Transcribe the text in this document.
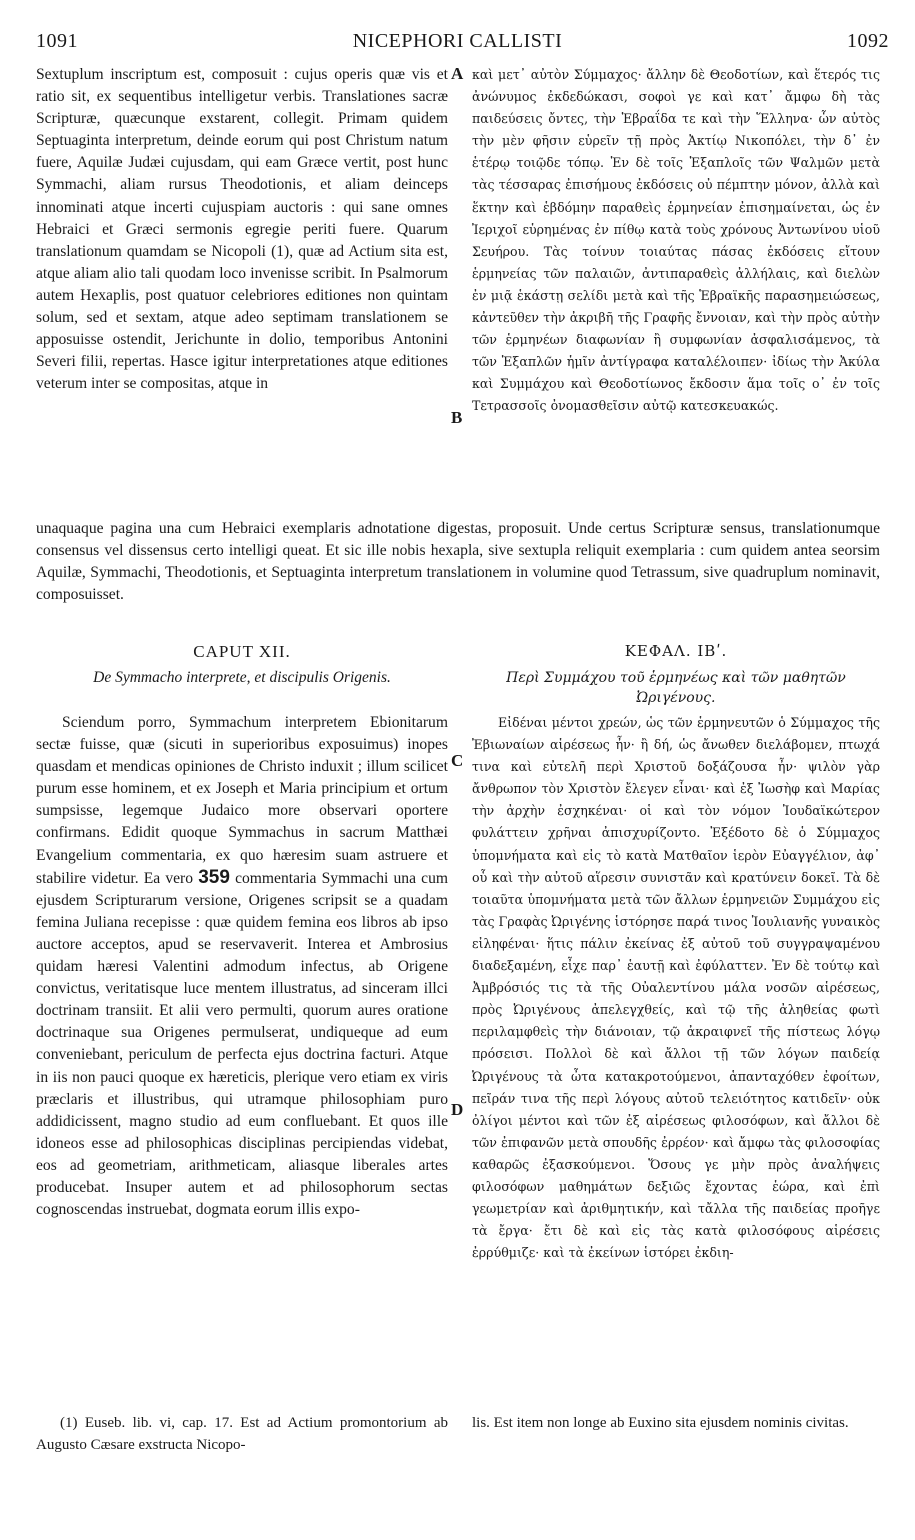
NICEPHORI CALLISTI
1091	1092
Sextuplum inscriptum est, composuit : cujus operis quæ vis et ratio sit, ex sequentibus intelligetur verbis. Translationes sacræ Scripturæ, quæcunque exstarent, collegit. Primam quidem Septuaginta interpretum, deinde eorum qui post Christum natum fuere, Aquilæ Judæi cujusdam, qui eam Græce vertit, post hunc Symmachi, aliam rursus Theodotionis, et aliam deinceps innominati atque incerti cujuspiam auctoris : qui sane omnes Hebraici et Græci sermonis egregie periti fuere. Quarum translationum quamdam se Nicopoli (1), quæ ad Actium sita est, atque aliam alio tali quodam loco invenisse scribit. In Psalmorum autem Hexaplis, post quatuor celebriores editiones non quintam solum, sed et sextam, atque adeo septimam translationem se apposuisse ostendit, Jerichunte in dolio, temporibus Antonini Severi filii, repertas. Hasce igitur interpretationes atque editiones veterum inter se compositas, atque in
καὶ μετ᾿ αὐτὸν Σύμμαχος· ἄλλην δὲ Θεοδοτίων, καὶ ἕτερός τις ἀνώνυμος ἐκδεδώκασι, σοφοὶ γε καὶ κατ᾿ ἄμφω δὴ τὰς παιδεύσεις ὄντες, τὴν Ἑβραΐδα τε καὶ τὴν Ἕλληνα· ὧν αὐτὸς τὴν μὲν φῆσιν εὑρεῖν τῇ πρὸς Ἀκτίῳ Νικοπόλει, τὴν δ᾿ ἐν ἑτέρῳ τοιῷδε τόπῳ. Ἐν δὲ τοῖς Ἑξαπλοῖς τῶν Ψαλμῶν μετὰ τὰς τέσσαρας ἐπισήμους ἐκδόσεις οὐ πέμπτην μόνον, ἀλλὰ καὶ ἕκτην καὶ ἑβδόμην παραθεὶς ἑρμηνείαν ἐπισημαίνεται, ὡς ἐν Ἰεριχοῖ εὑρημένας ἐν πίθῳ κατὰ τοὺς χρόνους Ἀντωνίνου υἱοῦ Σευήρου. Τὰς τοίνυν τοιαύτας πάσας ἐκδόσεις εἴτουν ἑρμηνείας τῶν παλαιῶν, ἀντιπαραθεὶς ἀλλήλαις, καὶ διελὼν ἐν μιᾷ ἑκάστῃ σελίδι μετὰ καὶ τῆς Ἑβραϊκῆς παρασημειώσεως, κἀντεῦθεν τὴν ἀκριβῆ τῆς Γραφῆς ἔννοιαν, καὶ τὴν πρὸς αὐτὴν τῶν ἑρμηνέων διαφωνίαν ἢ συμφωνίαν ἀσφαλισάμενος, τὰ τῶν Ἑξαπλῶν ἡμῖν ἀντίγραφα καταλέλοιπεν· ἰδίως τὴν Ἀκύλα καὶ Συμμάχου καὶ Θεοδοτίωνος ἔκδοσιν ἅμα τοῖς ο᾿ ἐν τοῖς Τετρασσοῖς ὀνομασθεῖσιν αὐτῷ κατεσκευακώς.
A
B
unaquaque pagina una cum Hebraici exemplaris adnotatione digestas, proposuit. Unde certus Scripturæ sensus, translationumque consensus vel dissensus certo intelligi queat. Et sic ille nobis hexapla, sive sextupla reliquit exemplaria : cum quidem antea seorsim Aquilæ, Symmachi, Theodotionis, et Septuaginta interpretum translationem in volumine quod Tetrassum, sive quadruplum nominavit, composuisset.
CAPUT XII.	ΚΕΦΑΛ. ΙΒʹ.
De Symmacho interprete, et discipulis Origenis.	Περὶ Συμμάχου τοῦ ἑρμηνέως καὶ τῶν μαθητῶν Ὠριγένους.
Sciendum porro, Symmachum interpretem Ebionitarum sectæ fuisse, quæ (sicuti in superioribus exposuimus) inopes quasdam et mendicas opiniones de Christo induxit ; illum scilicet purum esse hominem, et ex Joseph et Maria principium et ortum sumpsisse, legemque Judaico more observari oportere confirmans. Edidit quoque Symmachus in sacrum Matthæi Evangelium commentaria, ex quo hæresim suam astruere et stabilire videtur. Ea vero 359 commentaria Symmachi una cum ejusdem Scripturarum versione, Origenes scripsit se a quadam femina Juliana recepisse : quæ quidem femina eos libros ab ipso auctore acceptos, apud se reservaverit. Interea et Ambrosius quidam hæresi Valentini admodum infectus, ab Origene convictus, veritatisque luce mentem illustratus, ad sinceram illci doctrinam transiit. Et alii vero permulti, quorum aures oratione doctrinaque sua Origenes permulserat, undiqueque ad eum conveniebant, periculum de perfecta ejus doctrina facturi. Atque in iis non pauci quoque ex hæreticis, plerique vero etiam ex viris præclaris et illustribus, qui utramque philosophiam puro addidicissent, magno studio ad eum confluebant. Et quos ille idoneos esse ad philosophicas disciplinas percipiendas videbat, eos ad geometriam, arithmeticam, aliasque liberales artes producebat. Insuper autem et ad philosophorum sectas cognoscendas instruebat, dogmata eorum illis expo-
Εἰδέναι μέντοι χρεών, ὡς τῶν ἑρμηνευτῶν ὁ Σύμμαχος τῆς Ἐβιωναίων αἱρέσεως ἦν· ἢ δή, ὡς ἄνωθεν διελάβομεν, πτωχά τινα καὶ εὐτελῆ περὶ Χριστοῦ δοξάζουσα ἦν· ψιλὸν γὰρ ἄνθρωπον τὸν Χριστὸν ἔλεγεν εἶναι· καὶ ἐξ Ἰωσὴφ καὶ Μαρίας τὴν ἀρχὴν ἐσχηκέναι· οἱ καὶ τὸν νόμον Ἰουδαϊκώτερον φυλάττειν χρῆναι ἀπισχυρίζοντο. Ἐξέδοτο δὲ ὁ Σύμμαχος ὑπομνήματα καὶ εἰς τὸ κατὰ Ματθαῖον ἱερὸν Εὐαγγέλιον, ἀφ᾿ οὗ καὶ τὴν αὐτοῦ αἵρεσιν συνιστᾶν καὶ κρατύνειν δοκεῖ. Τὰ δὲ τοιαῦτα ὑπομνήματα μετὰ τῶν ἄλλων ἑρμηνειῶν Συμμάχου εἰς τὰς Γραφὰς Ὠριγένης ἱστόρησε παρά τινος Ἰουλιανῆς γυναικὸς εἰληφέναι· ἥτις πάλιν ἐκείνας ἐξ αὐτοῦ τοῦ συγγραψαμένου διαδεξαμένη, εἶχε παρ᾿ ἑαυτῇ καὶ ἐφύλαττεν. Ἐν δὲ τούτῳ καὶ Ἀμβρόσιός τις τὰ τῆς Οὐαλεντίνου μάλα νοσῶν αἱρέσεως, πρὸς Ὠριγένους ἀπελεγχθείς, καὶ τῷ τῆς ἀληθείας φωτὶ περιλαμφθεὶς τὴν διάνοιαν, τῷ ἀκραιφνεῖ τῆς πίστεως λόγῳ πρόσεισι. Πολλοὶ δὲ καὶ ἄλλοι τῇ τῶν λόγων παιδείᾳ Ὠριγένους τὰ ὦτα κατακροτούμενοι, ἁπανταχόθεν ἐφοίτων, πεῖράν τινα τῆς περὶ λόγους αὐτοῦ τελειότητος κατιδεῖν· οὐκ ὀλίγοι μέντοι καὶ τῶν ἐξ αἱρέσεως φιλοσόφων, καὶ ἄλλοι δὲ τῶν ἐπιφανῶν μετὰ σπουδῆς ἐρρέον· καὶ ἄμφω τὰς φιλοσοφίας καθαρῶς ἐξασκούμενοι. Ὅσους γε μὴν πρὸς ἀναλήψεις φιλοσόφων μαθημάτων δεξιῶς ἔχοντας ἑώρα, καὶ ἐπὶ γεωμετρίαν καὶ ἀριθμητικήν, καὶ τἄλλα τῆς παιδείας προῆγε τὰ ἔργα· ἔτι δὲ καὶ εἰς τὰς κατὰ φιλοσόφους αἱρέσεις ἐρρύθμιζε· καὶ τὰ ἐκείνων ἱστόρει ἐκδιη-
C
D
(1) Euseb. lib. vi, cap. 17. Est ad Actium promontorium ab Augusto Cæsare exstructa Nicopo-
lis. Est item non longe ab Euxino sita ejusdem nominis civitas.
